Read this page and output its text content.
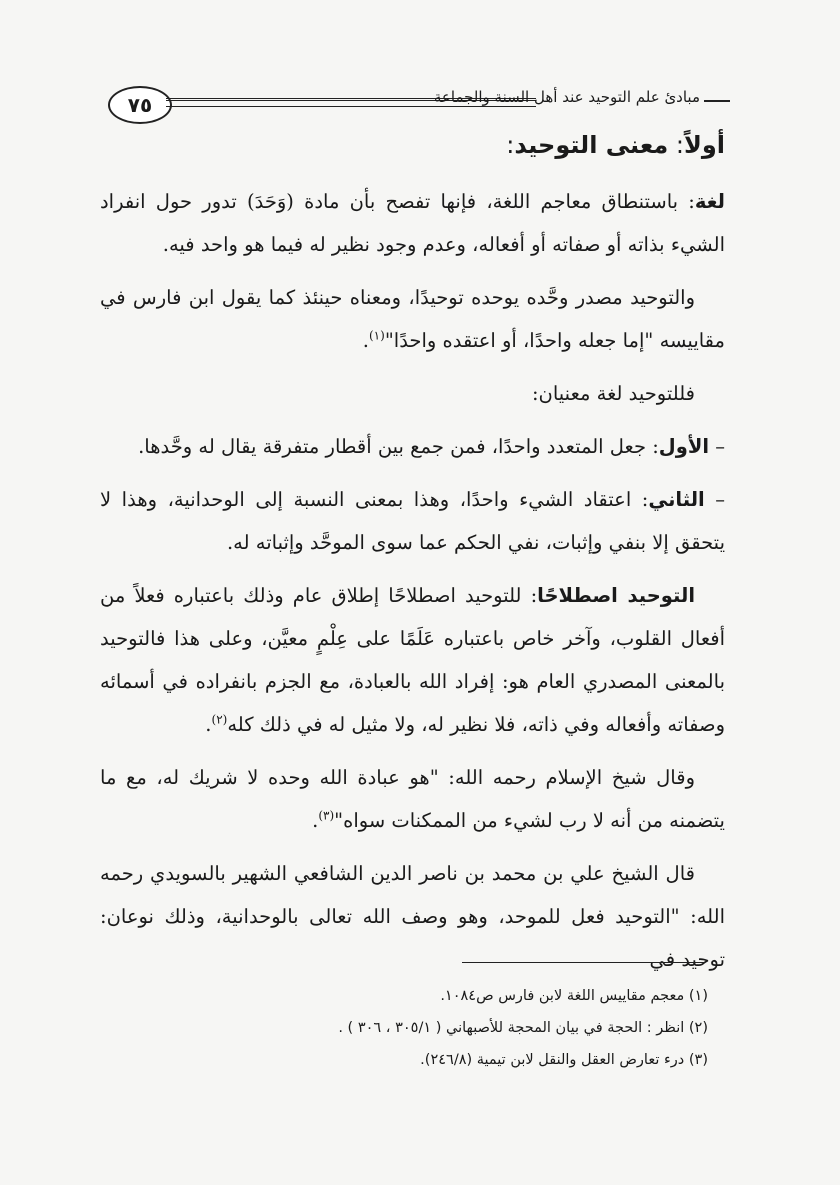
٧٥	مبادئ علم التوحيد عند أهل السنة والجماعة

أولاً: معنى التوحيد:

لغة: باستنطاق معاجم اللغة، فإنها تفصح بأن مادة (وَحَدَ) تدور حول انفراد الشيء بذاته أو صفاته أو أفعاله، وعدم وجود نظير له فيما هو واحد فيه.

والتوحيد مصدر وحَّده يوحده توحيدًا، ومعناه حينئذ كما يقول ابن فارس في مقاييسه "إما جعله واحدًا، أو اعتقده واحدًا"$^{(١)}$.

فللتوحيد لغة معنيان:

– الأول: جعل المتعدد واحدًا، فمن جمع بين أقطار متفرقة يقال له وحَّدها.

– الثاني: اعتقاد الشيء واحدًا، وهذا بمعنى النسبة إلى الوحدانية، وهذا لا يتحقق إلا بنفي وإثبات، نفي الحكم عما سوى الموحَّد وإثباته له.

التوحيد اصطلاحًا: للتوحيد اصطلاحًا إطلاق عام وذلك باعتباره فعلاً من أفعال القلوب، وآخر خاص باعتباره عَلَمًا على عِلْمٍ معيَّن، وعلى هذا فالتوحيد بالمعنى المصدري العام هو: إفراد الله بالعبادة، مع الجزم بانفراده في أسمائه وصفاته وأفعاله وفي ذاته، فلا نظير له، ولا مثيل له في ذلك كله$^{(٢)}$.

وقال شيخ الإسلام رحمه الله: "هو عبادة الله وحده لا شريك له، مع ما يتضمنه من أنه لا رب لشيء من الممكنات سواه"$^{(٣)}$.

قال الشيخ علي بن محمد بن ناصر الدين الشافعي الشهير بالسويدي رحمه الله: "التوحيد فعل للموحد، وهو وصف الله تعالى بالوحدانية، وذلك نوعان: توحيد في

(١) معجم مقاييس اللغة لابن فارس ص١٠٨٤.

(٢) انظر : الحجة في بيان المحجة للأصبهاني ( ٣٠٥/١ ، ٣٠٦ ) .

(٣) درء تعارض العقل والنقل لابن تيمية (٢٤٦/٨).
